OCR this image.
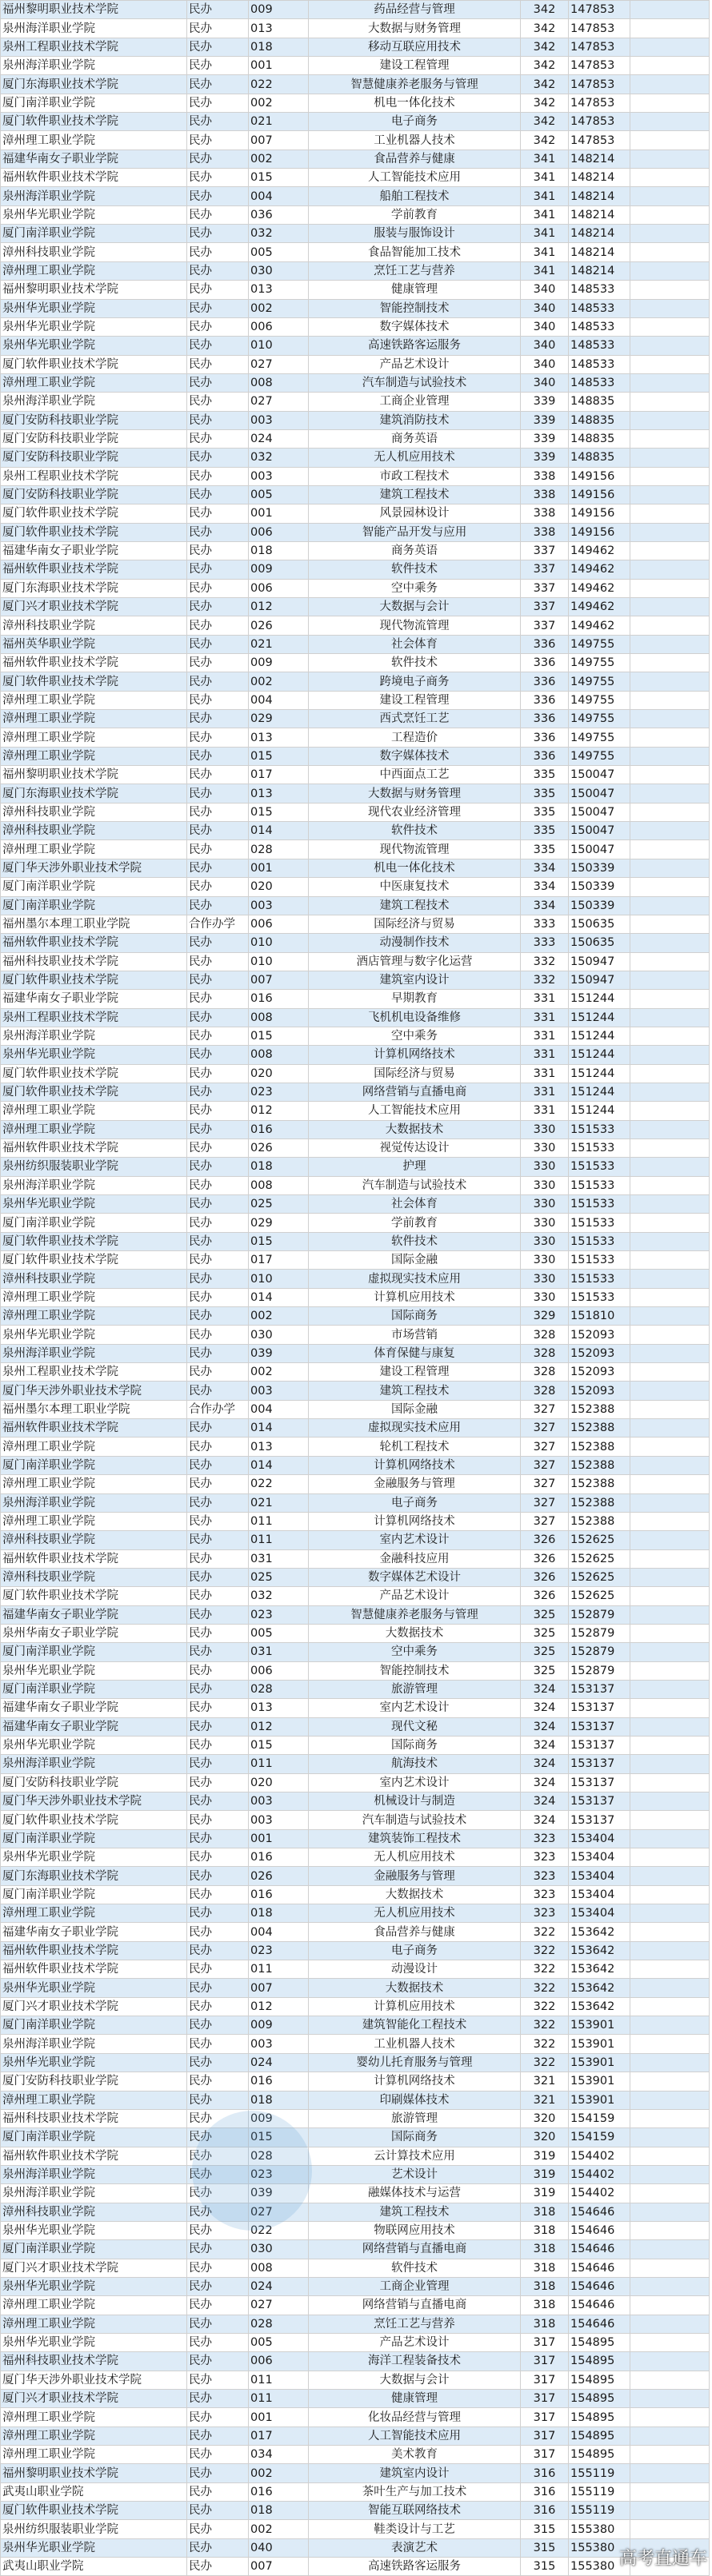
福州黎明职业技术学院	民办	009	药品经营与管理	342	147853	
泉州海洋职业学院	民办	013	大数据与财务管理	342	147853	
泉州工程职业技术学院	民办	018	移动互联应用技术	342	147853	
泉州海洋职业学院	民办	001	建设工程管理	342	147853	
厦门东海职业技术学院	民办	022	智慧健康养老服务与管理	342	147853	
厦门南洋职业学院	民办	002	机电一体化技术	342	147853	
厦门软件职业技术学院	民办	021	电子商务	342	147853	
漳州理工职业学院	民办	007	工业机器人技术	342	147853	
福建华南女子职业学院	民办	002	食品营养与健康	341	148214	
福州软件职业技术学院	民办	015	人工智能技术应用	341	148214	
泉州海洋职业学院	民办	004	船舶工程技术	341	148214	
泉州华光职业学院	民办	036	学前教育	341	148214	
厦门南洋职业学院	民办	032	服装与服饰设计	341	148214	
漳州科技职业学院	民办	005	食品智能加工技术	341	148214	
漳州理工职业学院	民办	030	烹饪工艺与营养	341	148214	
福州黎明职业技术学院	民办	013	健康管理	340	148533	
泉州华光职业学院	民办	002	智能控制技术	340	148533	
泉州华光职业学院	民办	006	数字媒体技术	340	148533	
泉州华光职业学院	民办	010	高速铁路客运服务	340	148533	
厦门软件职业技术学院	民办	027	产品艺术设计	340	148533	
漳州理工职业学院	民办	008	汽车制造与试验技术	340	148533	
泉州海洋职业学院	民办	027	工商企业管理	339	148835	
厦门安防科技职业学院	民办	003	建筑消防技术	339	148835	
厦门安防科技职业学院	民办	024	商务英语	339	148835	
厦门安防科技职业学院	民办	032	无人机应用技术	339	148835	
泉州工程职业技术学院	民办	003	市政工程技术	338	149156	
厦门安防科技职业学院	民办	005	建筑工程技术	338	149156	
厦门软件职业技术学院	民办	001	风景园林设计	338	149156	
厦门软件职业技术学院	民办	006	智能产品开发与应用	338	149156	
福建华南女子职业学院	民办	018	商务英语	337	149462	
福州软件职业技术学院	民办	009	软件技术	337	149462	
厦门东海职业技术学院	民办	006	空中乘务	337	149462	
厦门兴才职业技术学院	民办	012	大数据与会计	337	149462	
漳州科技职业学院	民办	026	现代物流管理	337	149462	
福州英华职业学院	民办	021	社会体育	336	149755	
福州软件职业技术学院	民办	009	软件技术	336	149755	
厦门软件职业技术学院	民办	002	跨境电子商务	336	149755	
漳州理工职业学院	民办	004	建设工程管理	336	149755	
漳州理工职业学院	民办	029	西式烹饪工艺	336	149755	
漳州理工职业学院	民办	013	工程造价	336	149755	
漳州理工职业学院	民办	015	数字媒体技术	336	149755	
福州黎明职业技术学院	民办	017	中西面点工艺	335	150047	
厦门东海职业技术学院	民办	013	大数据与财务管理	335	150047	
漳州科技职业学院	民办	015	现代农业经济管理	335	150047	
漳州科技职业学院	民办	014	软件技术	335	150047	
漳州理工职业学院	民办	028	现代物流管理	335	150047	
厦门华天涉外职业技术学院	民办	001	机电一体化技术	334	150339	
厦门南洋职业学院	民办	020	中医康复技术	334	150339	
厦门南洋职业学院	民办	003	建筑工程技术	334	150339	
福州墨尔本理工职业学院	合作办学	006	国际经济与贸易	333	150635	
福州软件职业技术学院	民办	010	动漫制作技术	333	150635	
福州科技职业技术学院	民办	010	酒店管理与数字化运营	332	150947	
厦门软件职业技术学院	民办	007	建筑室内设计	332	150947	
福建华南女子职业学院	民办	016	早期教育	331	151244	
泉州工程职业技术学院	民办	008	飞机机电设备维修	331	151244	
泉州海洋职业学院	民办	015	空中乘务	331	151244	
泉州华光职业学院	民办	008	计算机网络技术	331	151244	
厦门软件职业技术学院	民办	020	国际经济与贸易	331	151244	
厦门软件职业技术学院	民办	023	网络营销与直播电商	331	151244	
漳州理工职业学院	民办	012	人工智能技术应用	331	151244	
漳州理工职业学院	民办	016	大数据技术	330	151533	
福州软件职业技术学院	民办	026	视觉传达设计	330	151533	
泉州纺织服装职业学院	民办	018	护理	330	151533	
泉州海洋职业学院	民办	008	汽车制造与试验技术	330	151533	
泉州华光职业学院	民办	025	社会体育	330	151533	
厦门南洋职业学院	民办	029	学前教育	330	151533	
厦门软件职业技术学院	民办	015	软件技术	330	151533	
厦门软件职业技术学院	民办	017	国际金融	330	151533	
漳州科技职业学院	民办	010	虚拟现实技术应用	330	151533	
漳州理工职业学院	民办	014	计算机应用技术	330	151533	
漳州理工职业学院	民办	002	国际商务	329	151810	
泉州华光职业学院	民办	030	市场营销	328	152093	
泉州海洋职业学院	民办	039	体育保健与康复	328	152093	
泉州工程职业技术学院	民办	002	建设工程管理	328	152093	
厦门华天涉外职业技术学院	民办	003	建筑工程技术	328	152093	
福州墨尔本理工职业学院	合作办学	004	国际金融	327	152388	
福州软件职业技术学院	民办	014	虚拟现实技术应用	327	152388	
漳州理工职业学院	民办	013	轮机工程技术	327	152388	
厦门南洋职业学院	民办	014	计算机网络技术	327	152388	
漳州理工职业学院	民办	022	金融服务与管理	327	152388	
泉州海洋职业学院	民办	021	电子商务	327	152388	
漳州理工职业学院	民办	011	计算机网络技术	327	152388	
漳州科技职业学院	民办	011	室内艺术设计	326	152625	
福州软件职业技术学院	民办	031	金融科技应用	326	152625	
漳州科技职业学院	民办	025	数字媒体艺术设计	326	152625	
厦门软件职业技术学院	民办	032	产品艺术设计	326	152625	
福建华南女子职业学院	民办	023	智慧健康养老服务与管理	325	152879	
泉州华南女子职业学院	民办	005	大数据技术	325	152879	
厦门南洋职业学院	民办	031	空中乘务	325	152879	
泉州华光职业学院	民办	006	智能控制技术	325	152879	
厦门南洋职业学院	民办	028	旅游管理	324	153137	
福建华南女子职业学院	民办	013	室内艺术设计	324	153137	
福建华南女子职业学院	民办	012	现代文秘	324	153137	
泉州华光职业学院	民办	015	国际商务	324	153137	
泉州海洋职业学院	民办	011	航海技术	324	153137	
厦门安防科技职业学院	民办	020	室内艺术设计	324	153137	
厦门华天涉外职业技术学院	民办	003	机械设计与制造	324	153137	
厦门软件职业技术学院	民办	003	汽车制造与试验技术	324	153137	
厦门南洋职业学院	民办	001	建筑装饰工程技术	323	153404	
泉州华光职业学院	民办	016	无人机应用技术	323	153404	
厦门东海职业技术学院	民办	026	金融服务与管理	323	153404	
厦门南洋职业学院	民办	016	大数据技术	323	153404	
漳州理工职业学院	民办	018	无人机应用技术	323	153404	
福建华南女子职业学院	民办	004	食品营养与健康	322	153642	
福州软件职业技术学院	民办	023	电子商务	322	153642	
福州软件职业技术学院	民办	011	动漫设计	322	153642	
泉州华光职业学院	民办	007	大数据技术	322	153642	
厦门兴才职业技术学院	民办	012	计算机应用技术	322	153642	
厦门南洋职业学院	民办	009	建筑智能化工程技术	322	153901	
泉州海洋职业学院	民办	003	工业机器人技术	322	153901	
泉州华光职业学院	民办	024	婴幼儿托育服务与管理	322	153901	
厦门安防科技职业学院	民办	016	计算机网络技术	321	153901	
漳州理工职业学院	民办	018	印刷媒体技术	321	153901	
福州科技职业技术学院	民办	009	旅游管理	320	154159	
厦门南洋职业学院	民办	015	国际商务	320	154159	
福州软件职业技术学院	民办	028	云计算技术应用	319	154402	
泉州海洋职业学院	民办	023	艺术设计	319	154402	
泉州海洋职业学院	民办	039	融媒体技术与运营	319	154402	
漳州科技职业学院	民办	027	建筑工程技术	318	154646	
泉州华光职业学院	民办	022	物联网应用技术	318	154646	
厦门南洋职业学院	民办	030	网络营销与直播电商	318	154646	
厦门兴才职业技术学院	民办	008	软件技术	318	154646	
泉州华光职业学院	民办	024	工商企业管理	318	154646	
漳州理工职业学院	民办	027	网络营销与直播电商	318	154646	
漳州理工职业学院	民办	028	烹饪工艺与营养	318	154646	
泉州华光职业学院	民办	005	产品艺术设计	317	154895	
福州科技职业技术学院	民办	006	海洋工程装备技术	317	154895	
厦门华天涉外职业技术学院	民办	011	大数据与会计	317	154895	
厦门兴才职业技术学院	民办	011	健康管理	317	154895	
漳州理工职业学院	民办	001	化妆品经营与管理	317	154895	
漳州理工职业学院	民办	017	人工智能技术应用	317	154895	
漳州理工职业学院	民办	034	美术教育	317	154895	
福州黎明职业技术学院	民办	002	建筑室内设计	316	155119	
武夷山职业学院	民办	016	茶叶生产与加工技术	316	155119	
厦门软件职业技术学院	民办	018	智能互联网络技术	316	155119	
泉州纺织服装职业学院	民办	002	鞋类设计与工艺	315	155380	
泉州华光职业学院	民办	040	表演艺术	315	155380	
武夷山职业学院	民办	007	高速铁路客运服务	315	155380	高考直通车
